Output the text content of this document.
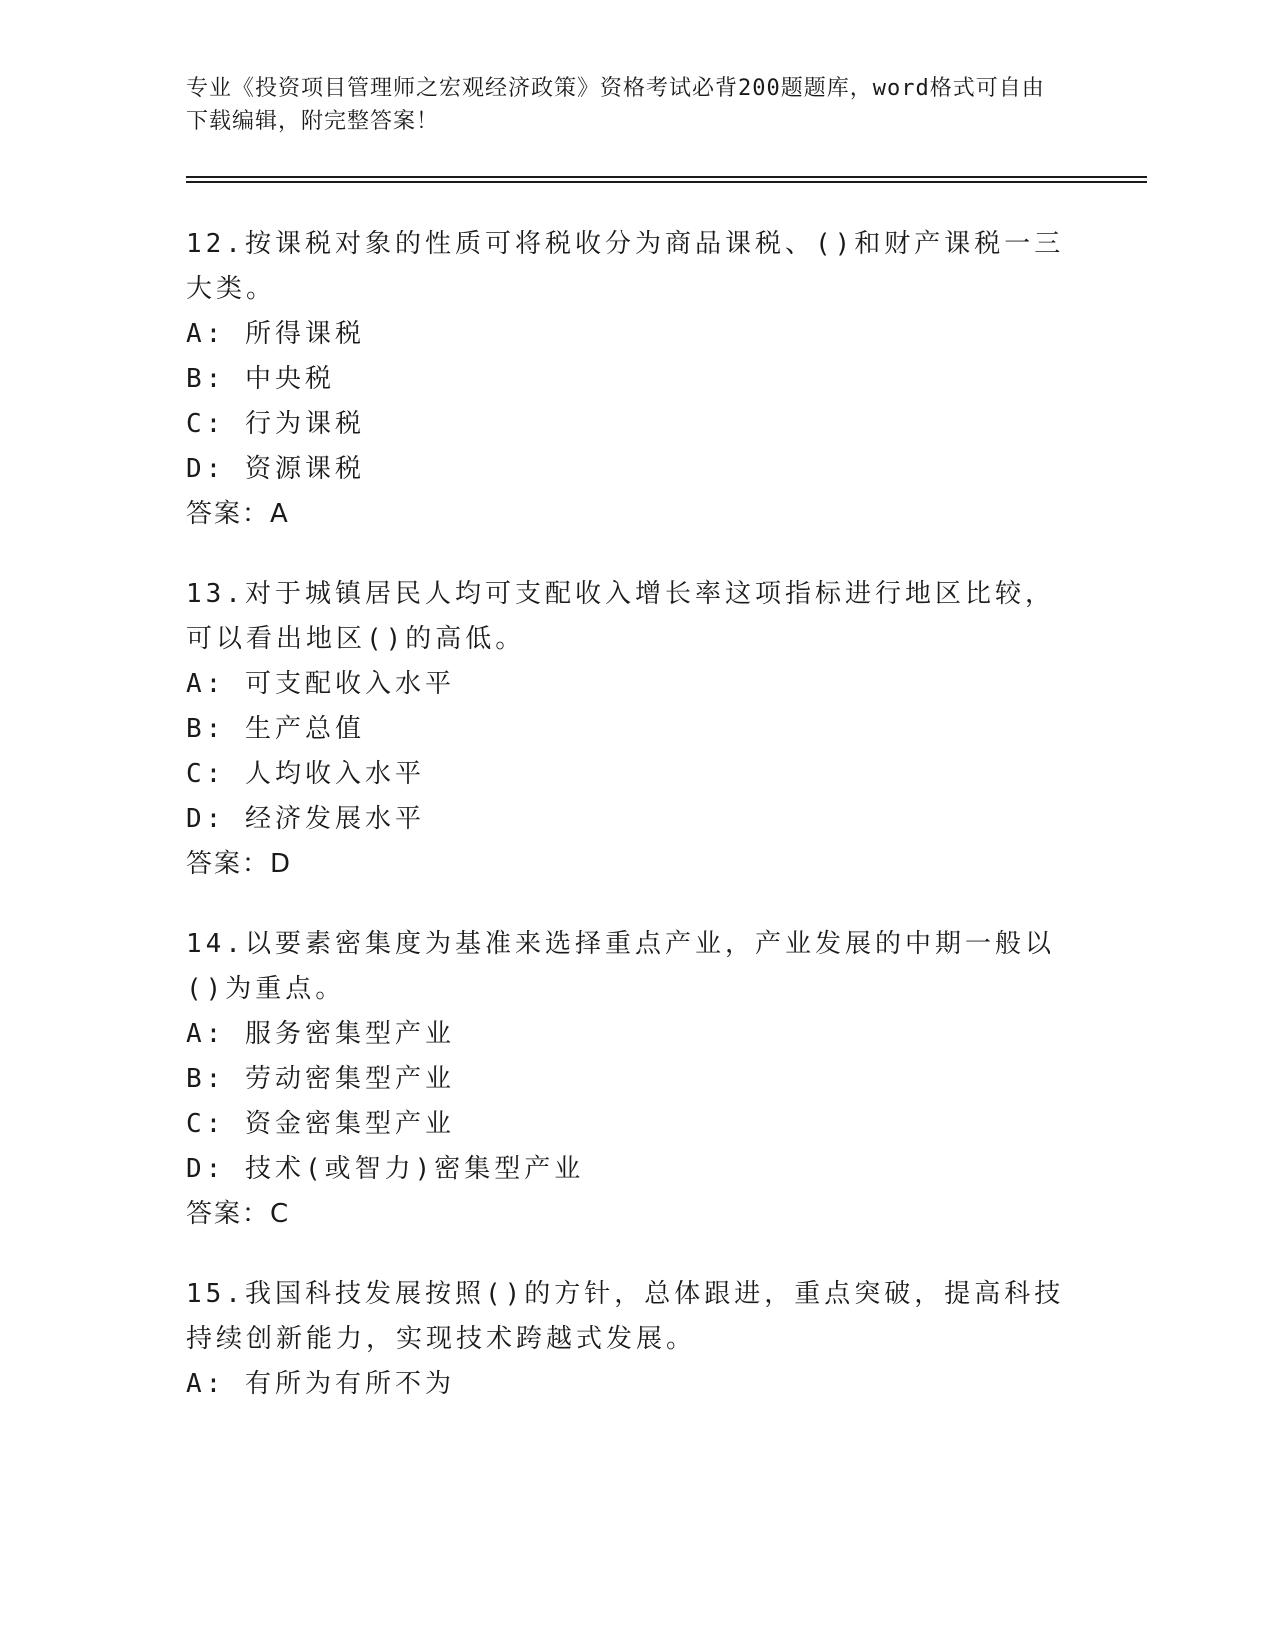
专业《投资项目管理师之宏观经济政策》资格考试必背200题题库，word格式可自由下载编辑，附完整答案！

12.按课税对象的性质可将税收分为商品课税、()和财产课税一三大类。

A: 所得课税

B: 中央税

C: 行为课税

D: 资源课税

答案：A

13.对于城镇居民人均可支配收入增长率这项指标进行地区比较，可以看出地区()的高低。

A: 可支配收入水平

B: 生产总值

C: 人均收入水平

D: 经济发展水平

答案：D

14.以要素密集度为基准来选择重点产业，产业发展的中期一般以()为重点。

A: 服务密集型产业

B: 劳动密集型产业

C: 资金密集型产业

D: 技术(或智力)密集型产业

答案：C

15.我国科技发展按照()的方针，总体跟进，重点突破，提高科技持续创新能力，实现技术跨越式发展。

A: 有所为有所不为
